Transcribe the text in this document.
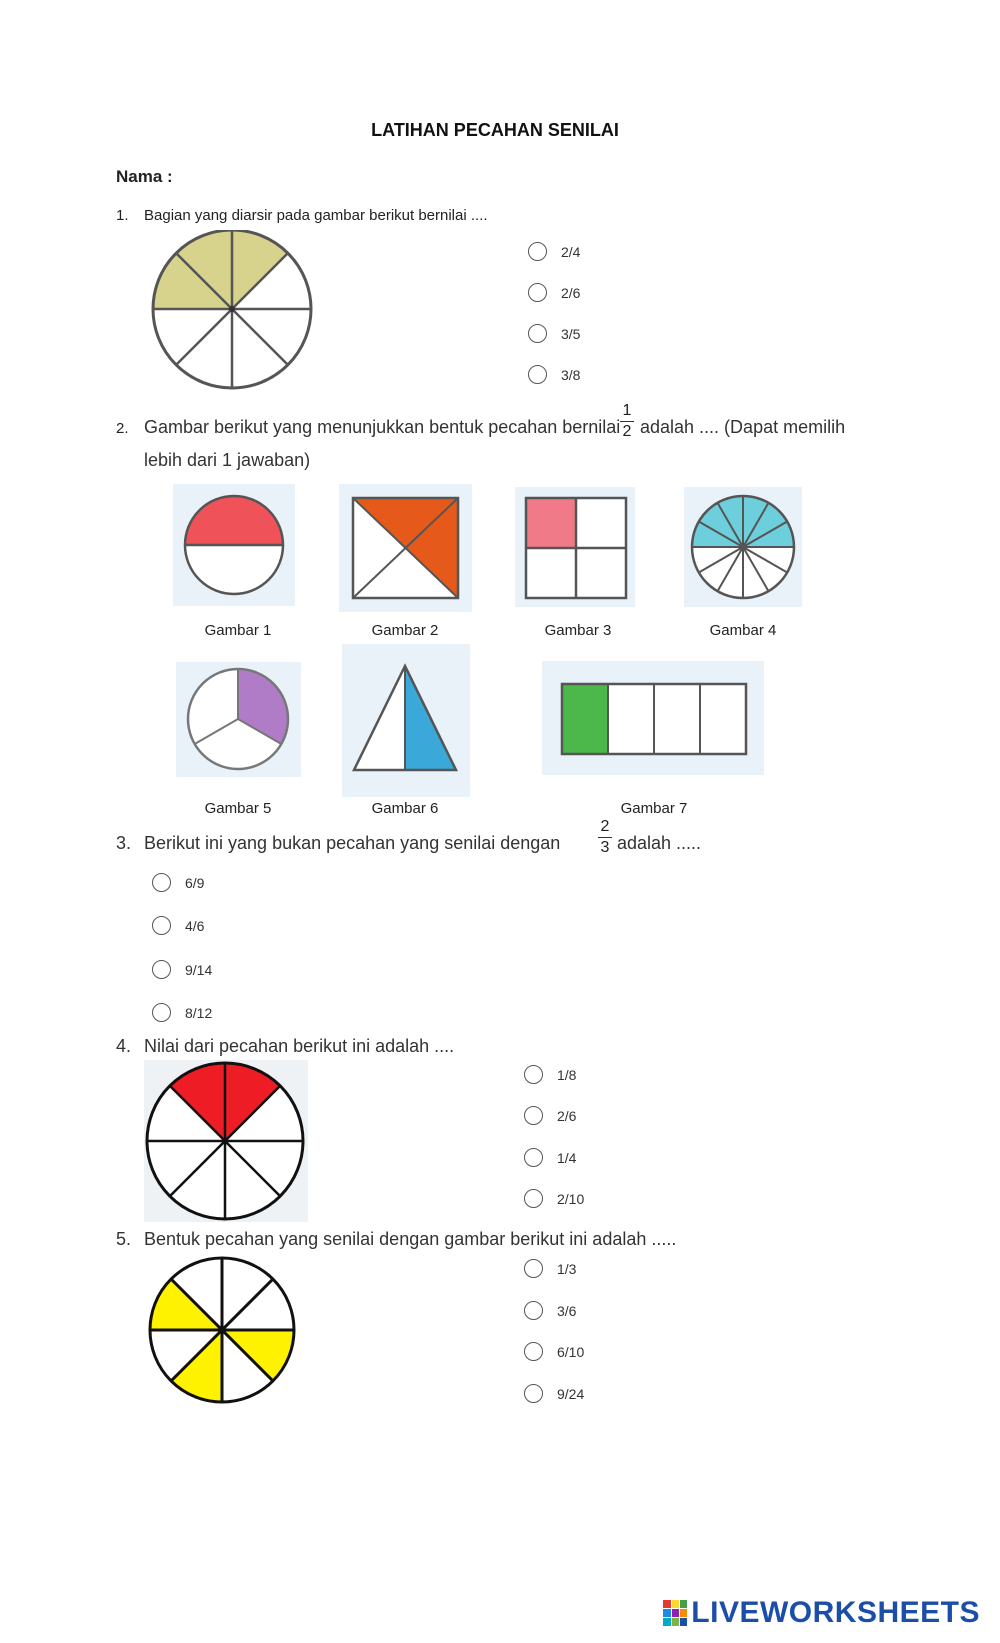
LATIHAN PECAHAN SENILAI
Nama :
1. Bagian yang diarsir pada gambar berikut bernilai ....
2/4
2/6
3/5
3/8
2. Gambar berikut yang menunjukkan bentuk pecahan bernilai
1
2 adalah .... (Dapat memilih
lebih dari 1 jawaban)
Gambar 1	Gambar 2	Gambar 3	Gambar 4
Gambar 5	Gambar 6	Gambar 7
3. Berikut ini yang bukan pecahan yang senilai dengan
2
3 adalah .....
6/9
4/6
9/14
8/12
4. Nilai dari pecahan berikut ini adalah ....
1/8
2/6
1/4
2/10
5. Bentuk pecahan yang senilai dengan gambar berikut ini adalah .....
1/3
3/6
6/10
9/24
LIVEWORKSHEETS
